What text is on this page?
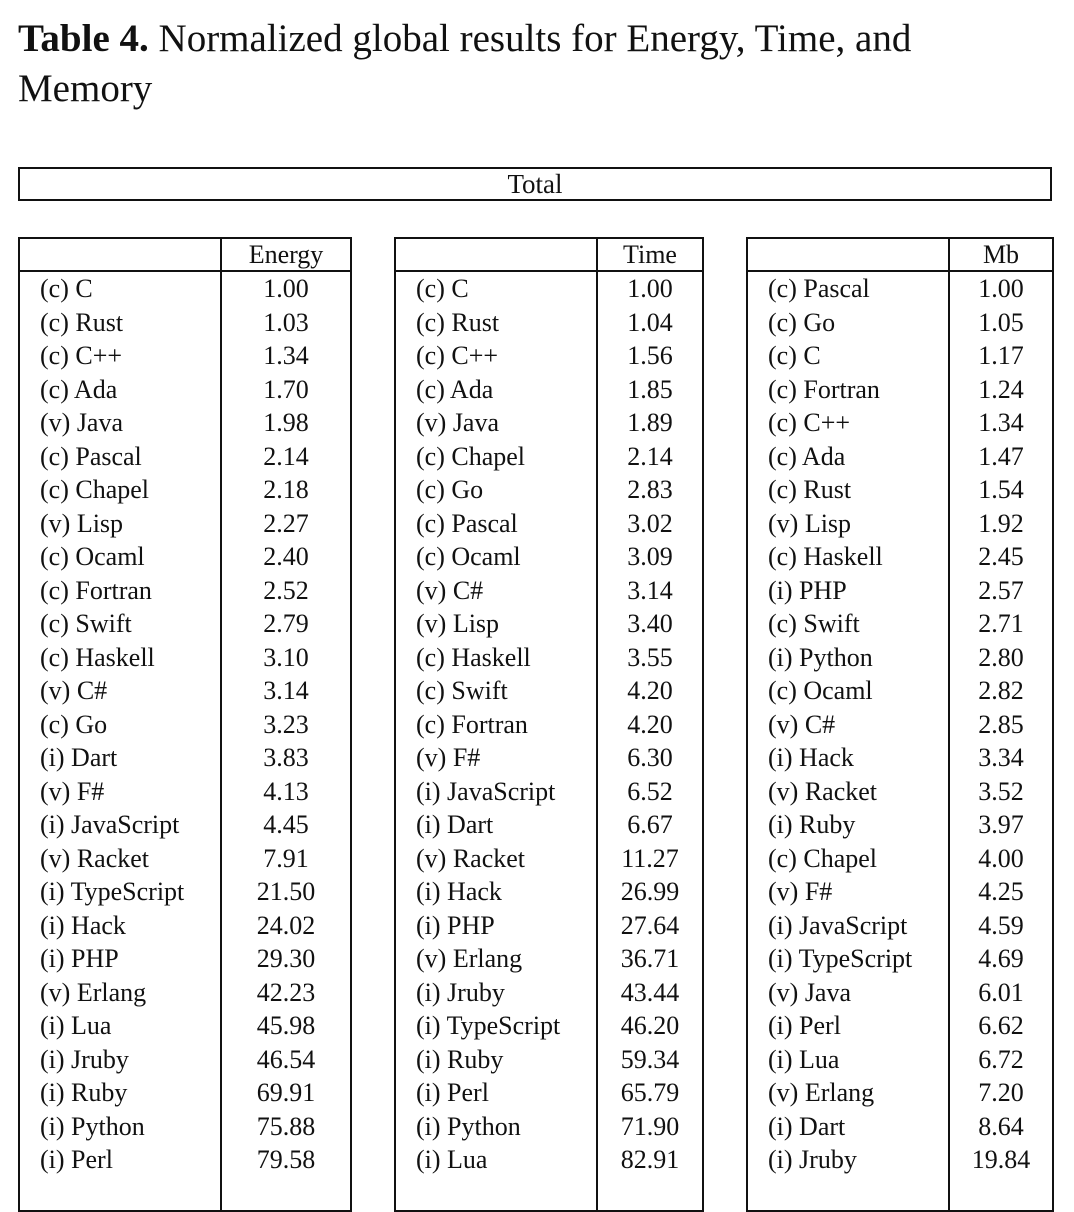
Table 4. Normalized global results for Energy, Time, and Memory

Total
	Energy
(c) C	1.00
(c) Rust	1.03
(c) C++	1.34
(c) Ada	1.70
(v) Java	1.98
(c) Pascal	2.14
(c) Chapel	2.18
(v) Lisp	2.27
(c) Ocaml	2.40
(c) Fortran	2.52
(c) Swift	2.79
(c) Haskell	3.10
(v) C#	3.14
(c) Go	3.23
(i) Dart	3.83
(v) F#	4.13
(i) JavaScript	4.45
(v) Racket	7.91
(i) TypeScript	21.50
(i) Hack	24.02
(i) PHP	29.30
(v) Erlang	42.23
(i) Lua	45.98
(i) Jruby	46.54
(i) Ruby	69.91
(i) Python	75.88
(i) Perl	79.58

	Time
(c) C	1.00
(c) Rust	1.04
(c) C++	1.56
(c) Ada	1.85
(v) Java	1.89
(c) Chapel	2.14
(c) Go	2.83
(c) Pascal	3.02
(c) Ocaml	3.09
(v) C#	3.14
(v) Lisp	3.40
(c) Haskell	3.55
(c) Swift	4.20
(c) Fortran	4.20
(v) F#	6.30
(i) JavaScript	6.52
(i) Dart	6.67
(v) Racket	11.27
(i) Hack	26.99
(i) PHP	27.64
(v) Erlang	36.71
(i) Jruby	43.44
(i) TypeScript	46.20
(i) Ruby	59.34
(i) Perl	65.79
(i) Python	71.90
(i) Lua	82.91

	Mb
(c) Pascal	1.00
(c) Go	1.05
(c) C	1.17
(c) Fortran	1.24
(c) C++	1.34
(c) Ada	1.47
(c) Rust	1.54
(v) Lisp	1.92
(c) Haskell	2.45
(i) PHP	2.57
(c) Swift	2.71
(i) Python	2.80
(c) Ocaml	2.82
(v) C#	2.85
(i) Hack	3.34
(v) Racket	3.52
(i) Ruby	3.97
(c) Chapel	4.00
(v) F#	4.25
(i) JavaScript	4.59
(i) TypeScript	4.69
(v) Java	6.01
(i) Perl	6.62
(i) Lua	6.72
(v) Erlang	7.20
(i) Dart	8.64
(i) Jruby	19.84
